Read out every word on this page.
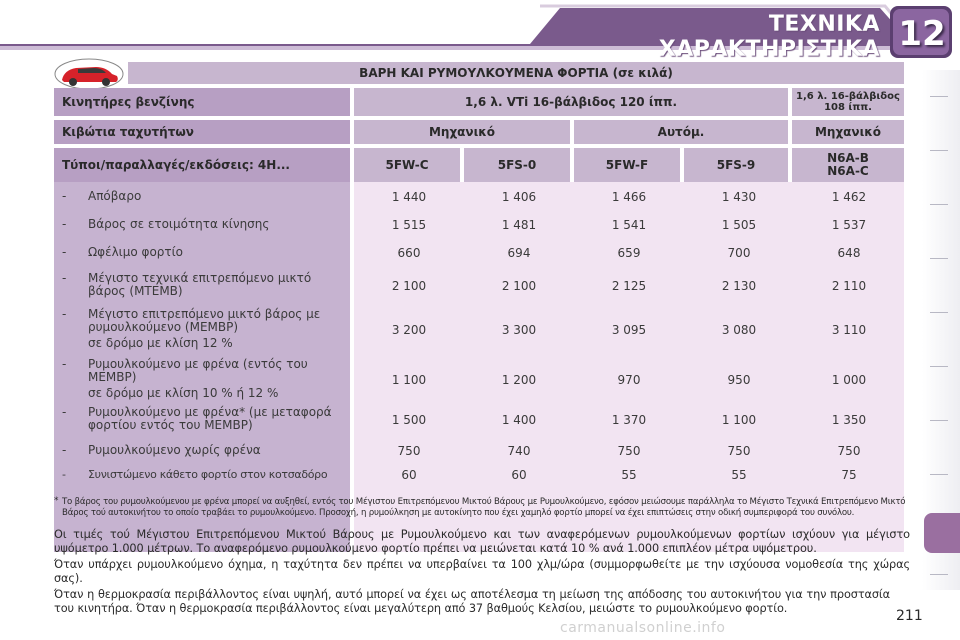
ΤΕΧΝΙΚΑ ΧΑΡΑΚΤΗΡΙΣΤΙΚΑ 12
ΒΑΡΗ ΚΑΙ ΡΥΜΟΥΛΚΟΥΜΕΝΑ ΦΟΡΤΙΑ (σε κιλά)
Κινητήρες βενζίνης	1,6 λ. VTi 16-βάλβιδος 120 ίππ.	1,6 λ. 16-βάλβιδος
108 ίππ.
Κιβώτια ταχυτήτων	Μηχανικό	Αυτόμ.	Μηχανικό
Τύποι/παραλλαγές/εκδόσεις: 4H...	5FW-C	5FS-0	5FW-F	5FS-9	N6A-B
N6A-C
- Απόβαρο	1 440	1 406	1 466	1 430	1 462
- Βάρος σε ετοιμότητα κίνησης	1 515	1 481	1 541	1 505	1 537
- Ωφέλιμο φορτίο	660	694	659	700	648
- Μέγιστο τεχνικά επιτρεπόμενο μικτό βάρος (MTEMB)	2 100	2 100	2 125	2 130	2 110
- Μέγιστο επιτρεπόμενο μικτό βάρος με ρυμουλκούμενο (MEMBP)
σε δρόμο με κλίση 12 %
3 200	3 300	3 095	3 080	3 110
- Ρυμουλκούμενο με φρένα (εντός του MEMBP)
σε δρόμο με κλίση 10 % ή 12 %
1 100	1 200	970	950	1 000
- Ρυμουλκούμενο με φρένα* (με μεταφορά φορτίου εντός του MEMBP)	1 500	1 400	1 370	1 100	1 350
- Ρυμουλκούμενο χωρίς φρένα	750	740	750	750	750
- Συνιστώμενο κάθετο φορτίο στον κοτσαδόρο	60	60	55	55	75
* Το βάρος του ρυμουλκούμενου με φρένα μπορεί να αυξηθεί, εντός του Μέγιστου Επιτρεπόμενου Μικτού Βάρους με Ρυμουλκούμενο, εφόσον μειώσουμε παράλληλα το Μέγιστο Τεχνικά Επιτρεπόμενο Μικτό Βάρος τού αυτοκινήτου το οποίο τραβάει το ρυμουλκούμενο. Προσοχή, η ρυμούλκηση με αυτοκίνητο που έχει χαμηλό φορτίο μπορεί να έχει επιπτώσεις στην οδική συμπεριφορά του συνόλου.
Οι τιμές τού Μέγιστου Επιτρεπόμενου Μικτού Βάρους με Ρυμουλκούμενο και των αναφερόμενων ρυμουλκούμενων φορτίων ισχύουν για μέγιστο υψόμετρο 1.000 μέτρων. Το αναφερόμενο ρυμουλκούμενο φορτίο πρέπει να μειώνεται κατά 10 % ανά 1.000 επιπλέον μέτρα υψόμετρου.
Όταν υπάρχει ρυμουλκούμενο όχημα, η ταχύτητα δεν πρέπει να υπερβαίνει τα 100 χλμ/ώρα (συμμορφωθείτε με την ισχύουσα νομοθεσία της χώρας σας).
Όταν η θερμοκρασία περιβάλλοντος είναι υψηλή, αυτό μπορεί να έχει ως αποτέλεσμα τη μείωση της απόδοσης του αυτοκινήτου για την προστασία του κινητήρα. Όταν η θερμοκρασία περιβάλλοντος είναι μεγαλύτερη από 37 βαθμούς Κελσίου, μειώστε το ρυμουλκούμενο φορτίο.	211
carmanualsonline.info
